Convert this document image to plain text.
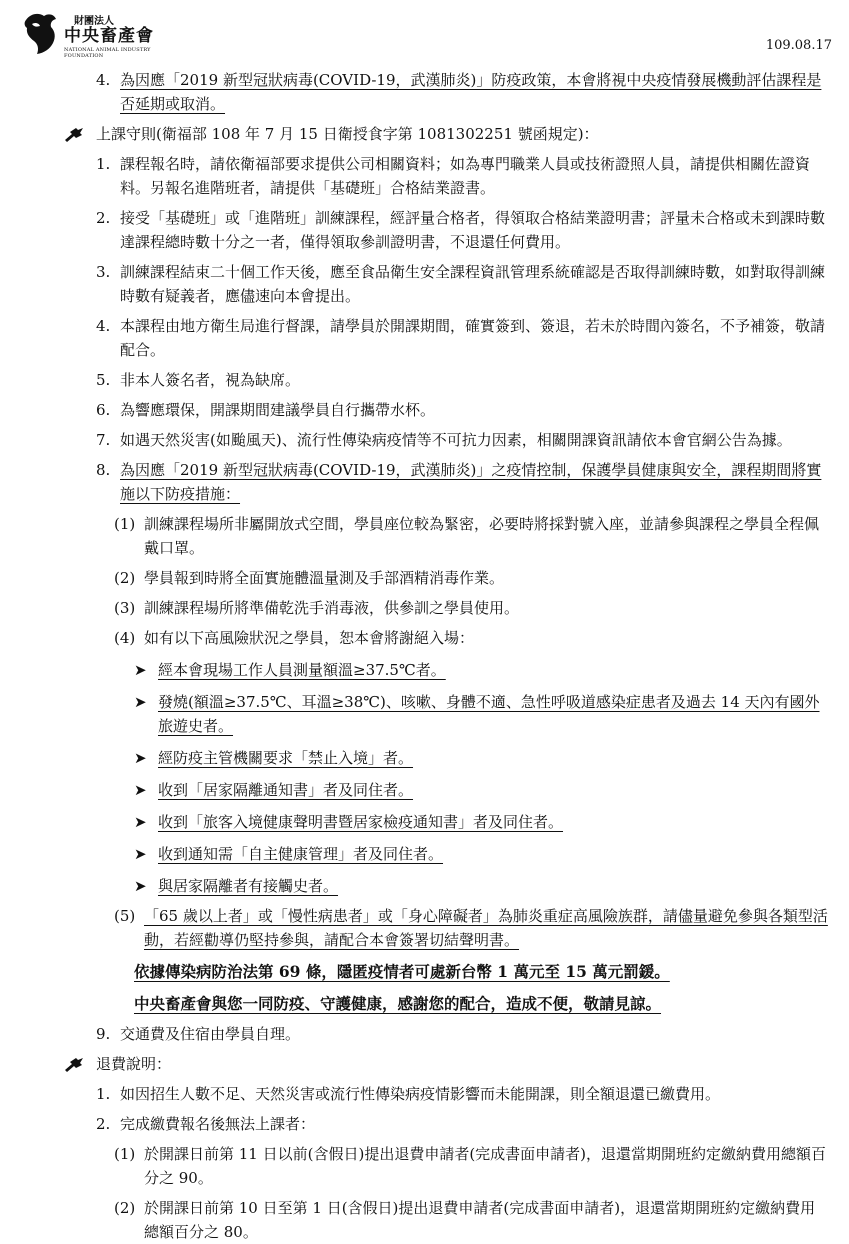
財團法人
中央畜產會
NATIONAL ANIMAL INDUSTRY FOUNDATION
109.08.17
4. 為因應「2019 新型冠狀病毒(COVID-19，武漢肺炎)」防疫政策，本會將視中央疫情發展機動評估課程是否延期或取消。
上課守則(衛福部 108 年 7 月 15 日衛授食字第 1081302251 號函規定)：
1. 課程報名時，請依衛福部要求提供公司相關資料；如為專門職業人員或技術證照人員，請提供相關佐證資料。另報名進階班者，請提供「基礎班」合格結業證書。
2. 接受「基礎班」或「進階班」訓練課程，經評量合格者，得領取合格結業證明書；評量未合格或未到課時數達課程總時數十分之一者，僅得領取參訓證明書，不退還任何費用。
3. 訓練課程結束二十個工作天後，應至食品衛生安全課程資訊管理系統確認是否取得訓練時數，如對取得訓練時數有疑義者，應儘速向本會提出。
4. 本課程由地方衛生局進行督課，請學員於開課期間，確實簽到、簽退，若未於時間內簽名，不予補簽，敬請配合。
5. 非本人簽名者，視為缺席。
6. 為響應環保，開課期間建議學員自行攜帶水杯。
7. 如遇天然災害(如颱風天)、流行性傳染病疫情等不可抗力因素，相關開課資訊請依本會官網公告為據。
8. 為因應「2019 新型冠狀病毒(COVID-19，武漢肺炎)」之疫情控制，保護學員健康與安全，課程期間將實施以下防疫措施：
(1) 訓練課程場所非屬開放式空間，學員座位較為緊密，必要時將採對號入座，並請參與課程之學員全程佩戴口罩。
(2) 學員報到時將全面實施體溫量測及手部酒精消毒作業。
(3) 訓練課程場所將準備乾洗手消毒液，供參訓之學員使用。
(4) 如有以下高風險狀況之學員，恕本會將謝絕入場：
➤ 經本會現場工作人員測量額溫≥37.5℃者。
➤ 發燒(額溫≥37.5℃、耳溫≥38℃)、咳嗽、身體不適、急性呼吸道感染症患者及過去 14 天內有國外旅遊史者。
➤ 經防疫主管機關要求「禁止入境」者。
➤ 收到「居家隔離通知書」者及同住者。
➤ 收到「旅客入境健康聲明書暨居家檢疫通知書」者及同住者。
➤ 收到通知需「自主健康管理」者及同住者。
➤ 與居家隔離者有接觸史者。
(5) 「65 歲以上者」或「慢性病患者」或「身心障礙者」為肺炎重症高風險族群，請儘量避免參與各類型活動，若經勸導仍堅持參與，請配合本會簽署切結聲明書。
依據傳染病防治法第 69 條，隱匿疫情者可處新台幣 1 萬元至 15 萬元罰鍰。
中央畜產會與您一同防疫、守護健康，感謝您的配合，造成不便，敬請見諒。
9. 交通費及住宿由學員自理。
退費說明：
1. 如因招生人數不足、天然災害或流行性傳染病疫情影響而未能開課，則全額退還已繳費用。
2. 完成繳費報名後無法上課者：
(1) 於開課日前第 11 日以前(含假日)提出退費申請者(完成書面申請者)，退還當期開班約定繳納費用總額百分之 90。
(2) 於開課日前第 10 日至第 1 日(含假日)提出退費申請者(完成書面申請者)，退還當期開班約定繳納費用總額百分之 80。
